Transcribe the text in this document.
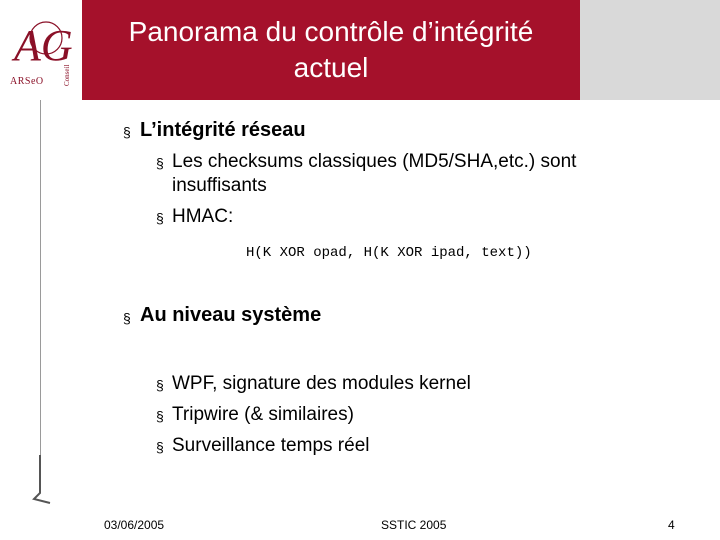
AG
ARSeO	Conseil
Panorama du contrôle d’intégrité actuel
§ L’intégrité réseau
§ Les checksums classiques (MD5/SHA,etc.) sont insuffisants
§ HMAC:
H(K XOR opad, H(K XOR ipad, text))
§ Au niveau système
§ WPF, signature des modules kernel
§ Tripwire (& similaires)
§ Surveillance temps réel
03/06/2005	SSTIC 2005	4
